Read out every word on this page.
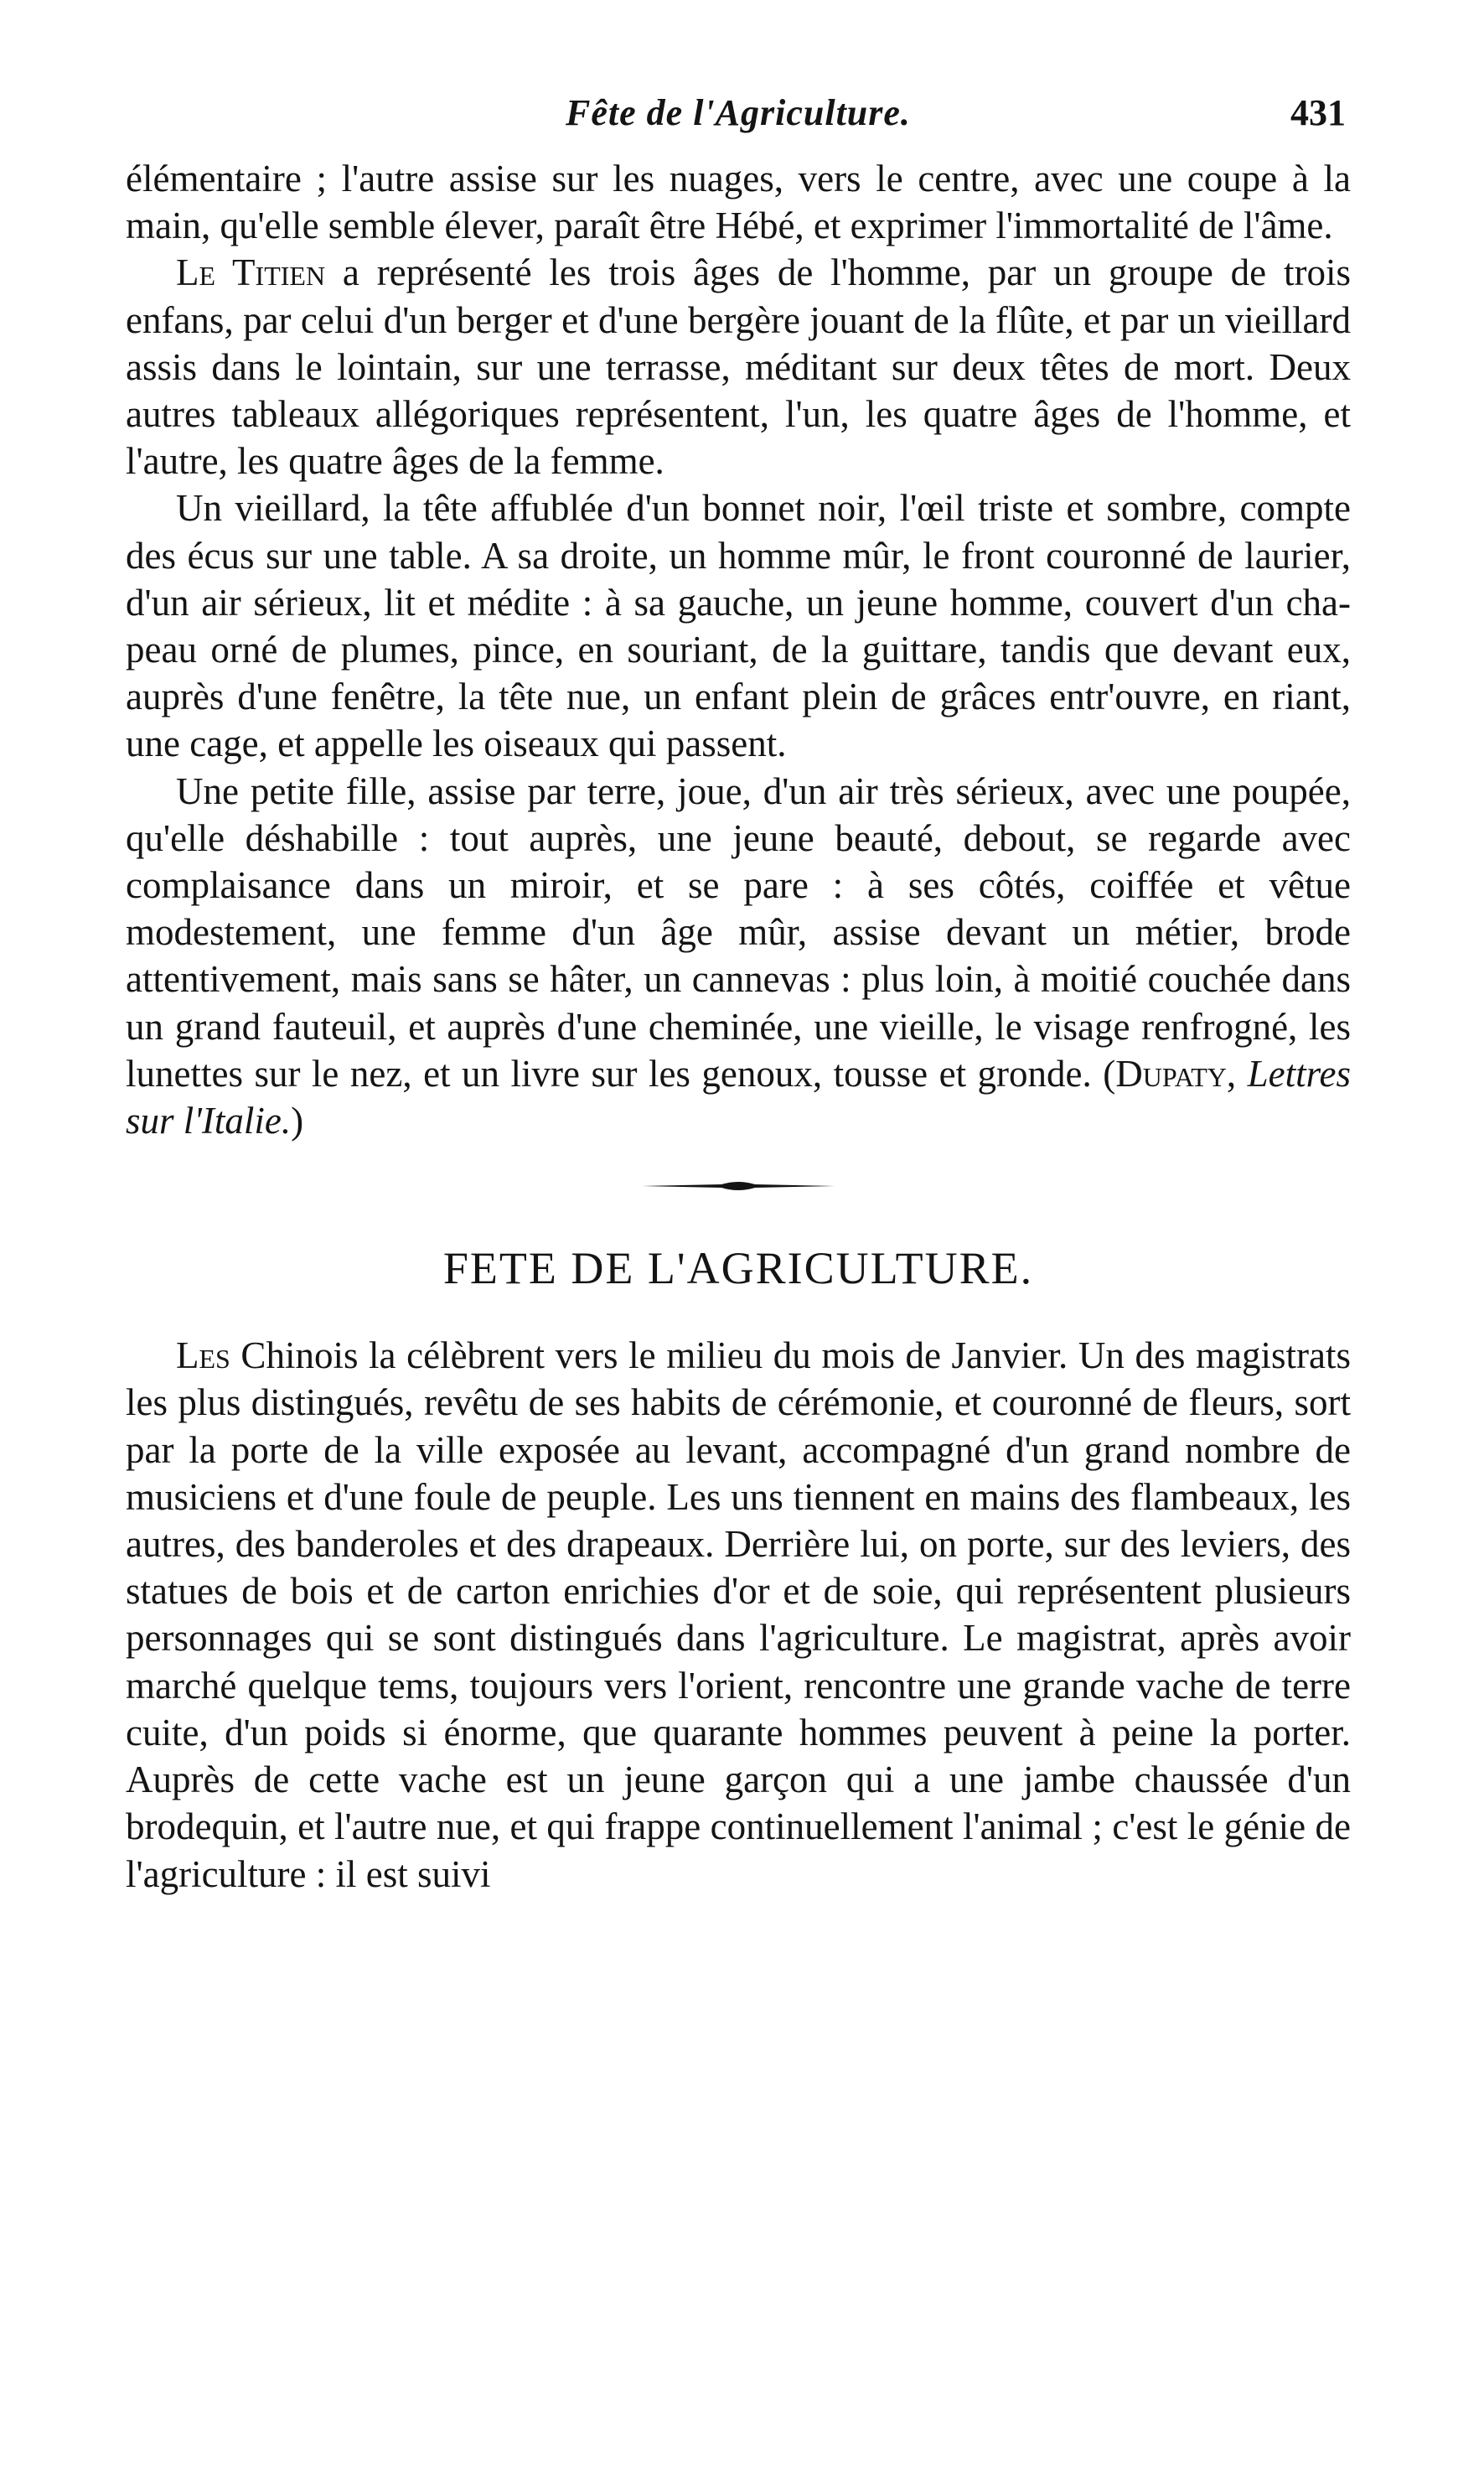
Fête de l'Agriculture.	431

élémentaire ; l'autre assise sur les nuages, vers le centre, avec une coupe à la main, qu'elle semble élever, paraît être Hébé, et exprimer l'immortalité de l'âme.

Le Titien a représenté les trois âges de l'homme, par un groupe de trois enfans, par celui d'un berger et d'une bergère jouant de la flûte, et par un vieillard assis dans le lointain, sur une terrasse, méditant sur deux têtes de mort. Deux autres tableaux allégoriques représentent, l'un, les quatre âges de l'homme, et l'autre, les quatre âges de la femme.

Un vieillard, la tête affublée d'un bonnet noir, l'œil triste et sombre, compte des écus sur une table. A sa droite, un homme mûr, le front couronné de laurier, d'un air sérieux, lit et médite : à sa gauche, un jeune homme, couvert d'un cha-peau orné de plumes, pince, en souriant, de la guittare, tandis que devant eux, auprès d'une fenêtre, la tête nue, un enfant plein de grâces entr'ouvre, en riant, une cage, et appelle les oiseaux qui passent.

Une petite fille, assise par terre, joue, d'un air très sérieux, avec une poupée, qu'elle déshabille : tout auprès, une jeune beauté, debout, se regarde avec complaisance dans un miroir, et se pare : à ses côtés, coiffée et vêtue modestement, une femme d'un âge mûr, assise devant un métier, brode attentivement, mais sans se hâter, un cannevas : plus loin, à moitié couchée dans un grand fauteuil, et auprès d'une cheminée, une vieille, le visage renfrogné, les lunettes sur le nez, et un livre sur les genoux, tousse et gronde. (Dupaty, Lettres sur l'Italie.)

FETE DE L'AGRICULTURE.

Les Chinois la célèbrent vers le milieu du mois de Janvier. Un des magistrats les plus distingués, revêtu de ses habits de cérémonie, et couronné de fleurs, sort par la porte de la ville exposée au levant, accompagné d'un grand nombre de musiciens et d'une foule de peuple. Les uns tiennent en mains des flambeaux, les autres, des banderoles et des drapeaux. Derrière lui, on porte, sur des leviers, des statues de bois et de carton enrichies d'or et de soie, qui représentent plusieurs personnages qui se sont distingués dans l'agriculture. Le magistrat, après avoir marché quelque tems, toujours vers l'orient, rencontre une grande vache de terre cuite, d'un poids si énorme, que quarante hommes peuvent à peine la porter. Auprès de cette vache est un jeune garçon qui a une jambe chaussée d'un brodequin, et l'autre nue, et qui frappe continuellement l'animal ; c'est le génie de l'agriculture : il est suivi
